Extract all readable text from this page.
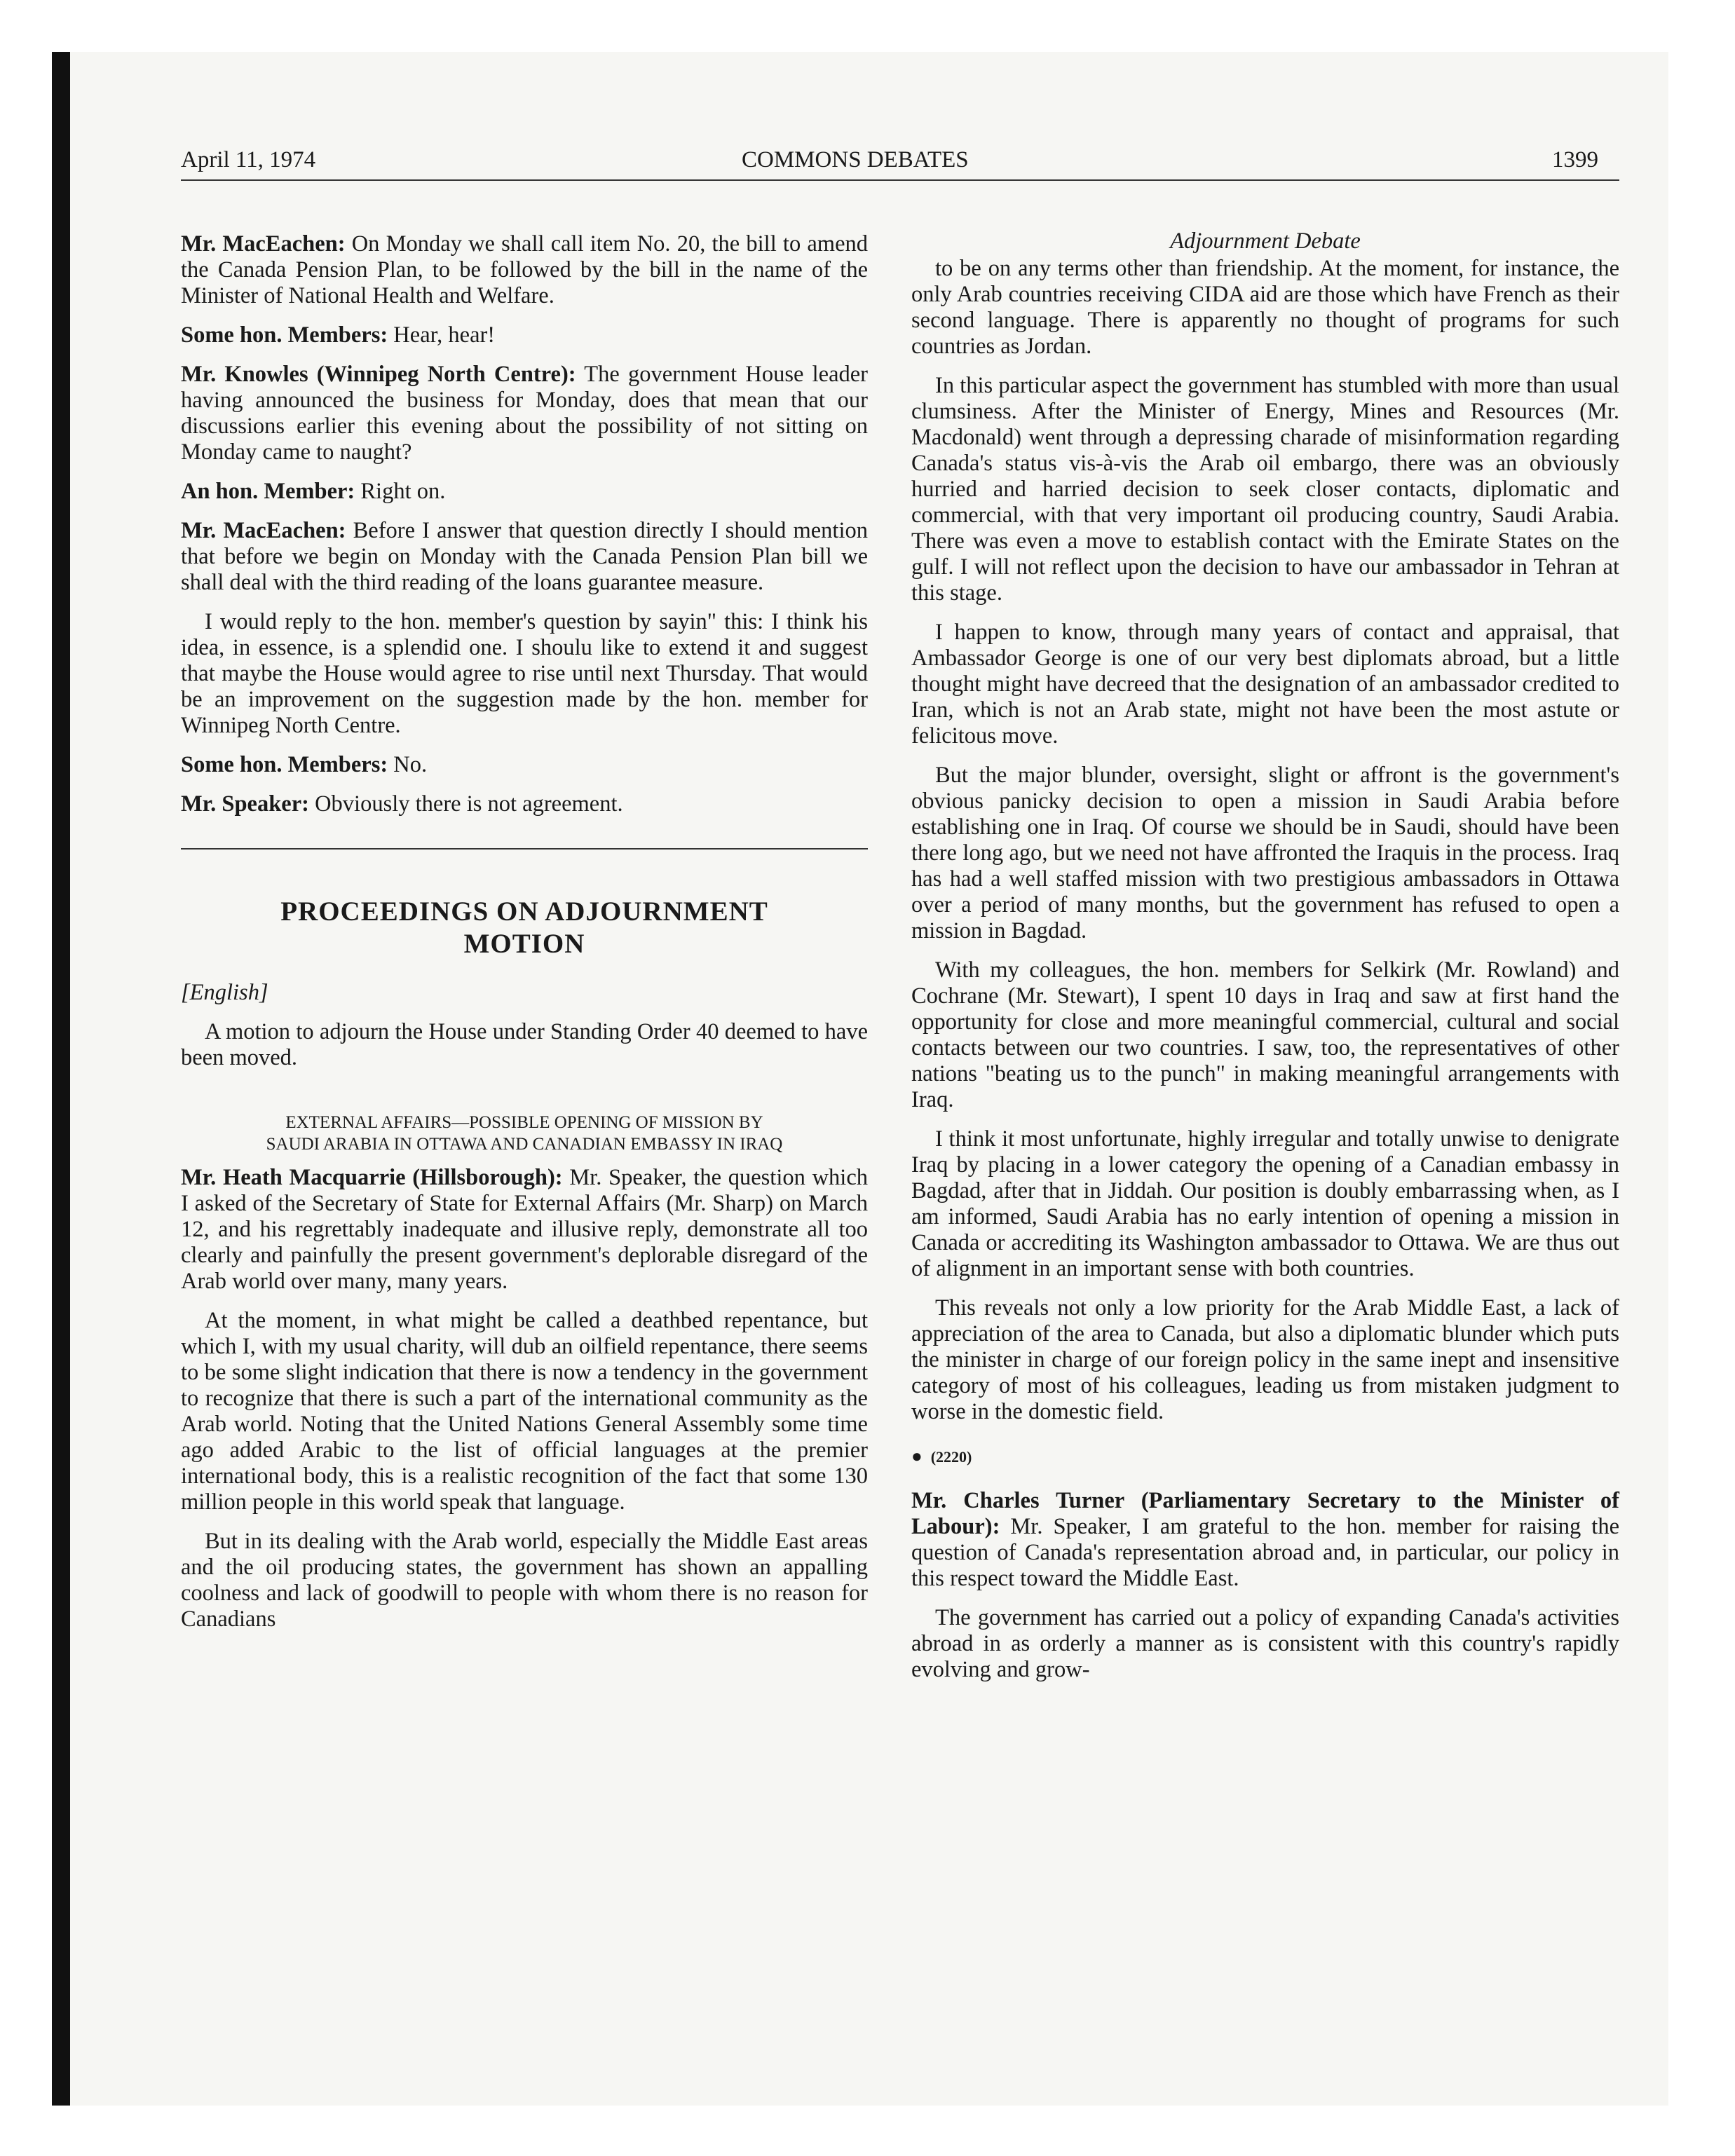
April 11, 1974	COMMONS DEBATES	1399

Mr. MacEachen: On Monday we shall call item No. 20, the bill to amend the Canada Pension Plan, to be followed by the bill in the name of the Minister of National Health and Welfare.

Some hon. Members: Hear, hear!

Mr. Knowles (Winnipeg North Centre): The government House leader having announced the business for Monday, does that mean that our discussions earlier this evening about the possibility of not sitting on Monday came to naught?

An hon. Member: Right on.

Mr. MacEachen: Before I answer that question directly I should mention that before we begin on Monday with the Canada Pension Plan bill we shall deal with the third reading of the loans guarantee measure.

I would reply to the hon. member's question by sayin" this: I think his idea, in essence, is a splendid one. I shoulu like to extend it and suggest that maybe the House would agree to rise until next Thursday. That would be an improvement on the suggestion made by the hon. member for Winnipeg North Centre.

Some hon. Members: No.

Mr. Speaker: Obviously there is not agreement.

PROCEEDINGS ON ADJOURNMENT
MOTION

[English]

A motion to adjourn the House under Standing Order 40 deemed to have been moved.

EXTERNAL AFFAIRS—POSSIBLE OPENING OF MISSION BY
SAUDI ARABIA IN OTTAWA AND CANADIAN EMBASSY IN IRAQ

Mr. Heath Macquarrie (Hillsborough): Mr. Speaker, the question which I asked of the Secretary of State for External Affairs (Mr. Sharp) on March 12, and his regrettably inadequate and illusive reply, demonstrate all too clearly and painfully the present government's deplorable disregard of the Arab world over many, many years.

At the moment, in what might be called a deathbed repentance, but which I, with my usual charity, will dub an oilfield repentance, there seems to be some slight indication that there is now a tendency in the government to recognize that there is such a part of the international community as the Arab world. Noting that the United Nations General Assembly some time ago added Arabic to the list of official languages at the premier international body, this is a realistic recognition of the fact that some 130 million people in this world speak that language.

But in its dealing with the Arab world, especially the Middle East areas and the oil producing states, the government has shown an appalling coolness and lack of goodwill to people with whom there is no reason for Canadians

Adjournment Debate

to be on any terms other than friendship. At the moment, for instance, the only Arab countries receiving CIDA aid are those which have French as their second language. There is apparently no thought of programs for such countries as Jordan.

In this particular aspect the government has stumbled with more than usual clumsiness. After the Minister of Energy, Mines and Resources (Mr. Macdonald) went through a depressing charade of misinformation regarding Canada's status vis-à-vis the Arab oil embargo, there was an obviously hurried and harried decision to seek closer contacts, diplomatic and commercial, with that very important oil producing country, Saudi Arabia. There was even a move to establish contact with the Emirate States on the gulf. I will not reflect upon the decision to have our ambassador in Tehran at this stage.

I happen to know, through many years of contact and appraisal, that Ambassador George is one of our very best diplomats abroad, but a little thought might have decreed that the designation of an ambassador credited to Iran, which is not an Arab state, might not have been the most astute or felicitous move.

But the major blunder, oversight, slight or affront is the government's obvious panicky decision to open a mission in Saudi Arabia before establishing one in Iraq. Of course we should be in Saudi, should have been there long ago, but we need not have affronted the Iraquis in the process. Iraq has had a well staffed mission with two prestigious ambassadors in Ottawa over a period of many months, but the government has refused to open a mission in Bagdad.

With my colleagues, the hon. members for Selkirk (Mr. Rowland) and Cochrane (Mr. Stewart), I spent 10 days in Iraq and saw at first hand the opportunity for close and more meaningful commercial, cultural and social contacts between our two countries. I saw, too, the representatives of other nations "beating us to the punch" in making meaningful arrangements with Iraq.

I think it most unfortunate, highly irregular and totally unwise to denigrate Iraq by placing in a lower category the opening of a Canadian embassy in Bagdad, after that in Jiddah. Our position is doubly embarrassing when, as I am informed, Saudi Arabia has no early intention of opening a mission in Canada or accrediting its Washington ambassador to Ottawa. We are thus out of alignment in an important sense with both countries.

This reveals not only a low priority for the Arab Middle East, a lack of appreciation of the area to Canada, but also a diplomatic blunder which puts the minister in charge of our foreign policy in the same inept and insensitive category of most of his colleagues, leading us from mistaken judgment to worse in the domestic field.

● (2220)

Mr. Charles Turner (Parliamentary Secretary to the Minister of Labour): Mr. Speaker, I am grateful to the hon. member for raising the question of Canada's representation abroad and, in particular, our policy in this respect toward the Middle East.

The government has carried out a policy of expanding Canada's activities abroad in as orderly a manner as is consistent with this country's rapidly evolving and grow-
